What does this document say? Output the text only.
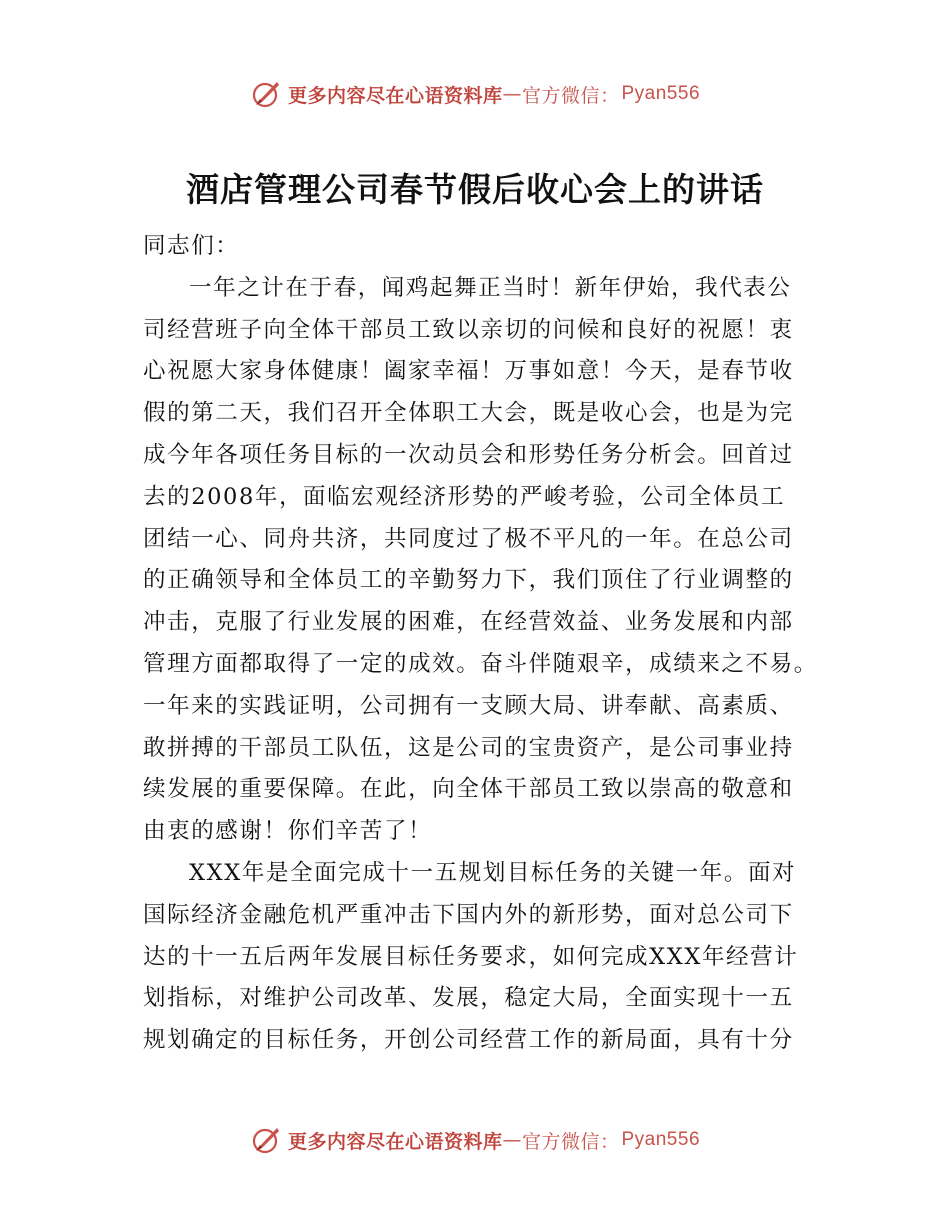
更多内容尽在心语资料库 — 官方微信： Pyan556
酒店管理公司春节假后收心会上的讲话
同志们：
一年之计在于春，闻鸡起舞正当时！新年伊始，我代表公
司经营班子向全体干部员工致以亲切的问候和良好的祝愿！衷
心祝愿大家身体健康！阖家幸福！万事如意！今天，是春节收
假的第二天，我们召开全体职工大会，既是收心会，也是为完
成今年各项任务目标的一次动员会和形势任务分析会。回首过
去的2008年，面临宏观经济形势的严峻考验，公司全体员工
团结一心、同舟共济，共同度过了极不平凡的一年。在总公司
的正确领导和全体员工的辛勤努力下，我们顶住了行业调整的
冲击，克服了行业发展的困难，在经营效益、业务发展和内部
管理方面都取得了一定的成效。奋斗伴随艰辛，成绩来之不易。
一年来的实践证明，公司拥有一支顾大局、讲奉献、高素质、
敢拼搏的干部员工队伍，这是公司的宝贵资产，是公司事业持
续发展的重要保障。在此，向全体干部员工致以崇高的敬意和
由衷的感谢！你们辛苦了！
XXX年是全面完成十一五规划目标任务的关键一年。面对
国际经济金融危机严重冲击下国内外的新形势，面对总公司下
达的十一五后两年发展目标任务要求，如何完成XXX年经营计
划指标，对维护公司改革、发展，稳定大局，全面实现十一五
规划确定的目标任务，开创公司经营工作的新局面，具有十分
更多内容尽在心语资料库 — 官方微信： Pyan556
